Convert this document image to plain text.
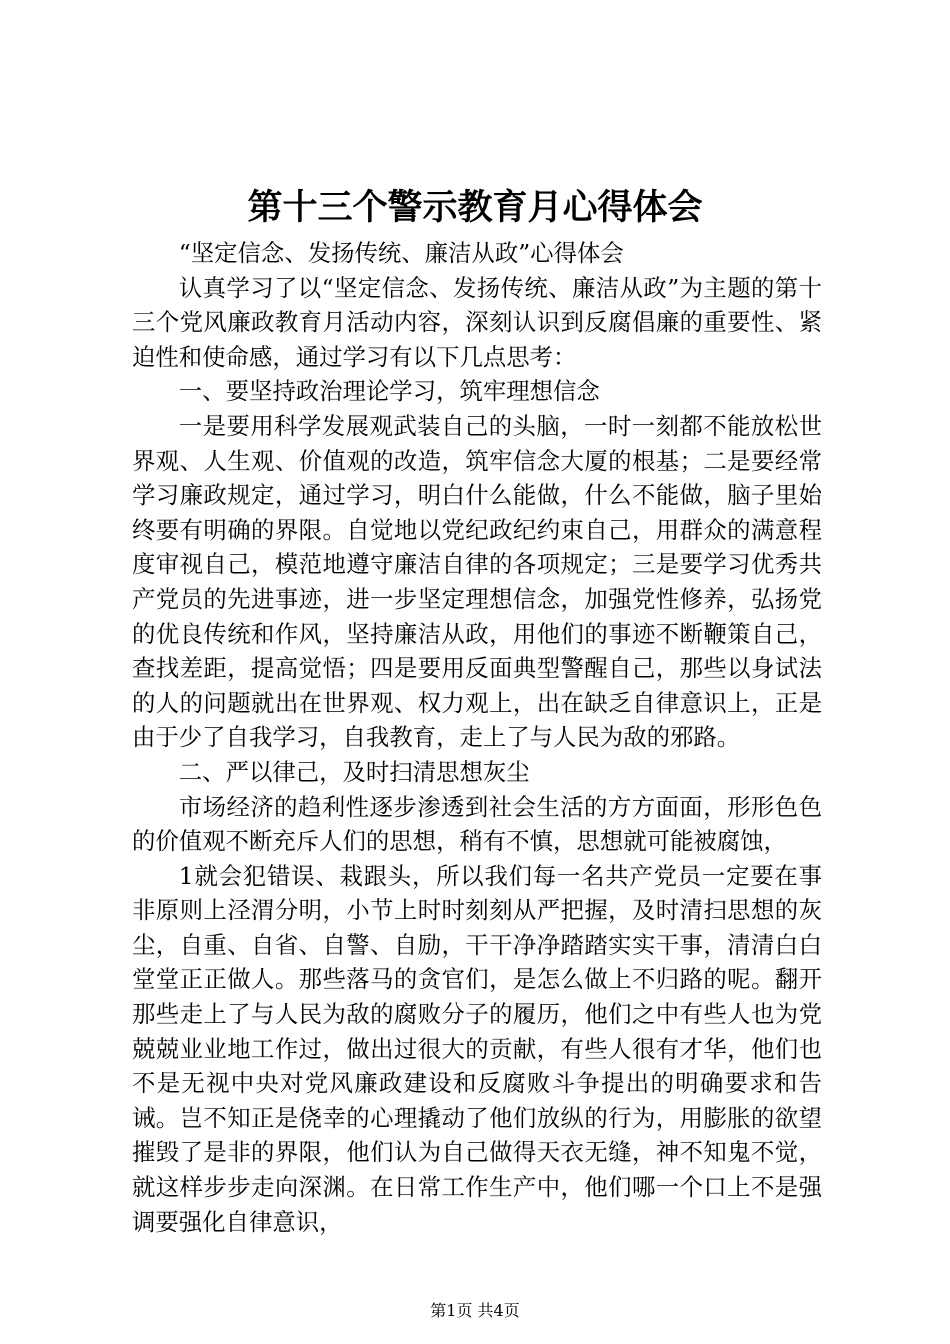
第十三个警示教育月心得体会

“坚定信念、发扬传统、廉洁从政”心得体会

认真学习了以“坚定信念、发扬传统、廉洁从政”为主题的第十三个党风廉政教育月活动内容，深刻认识到反腐倡廉的重要性、紧迫性和使命感，通过学习有以下几点思考：

一、要坚持政治理论学习，筑牢理想信念

一是要用科学发展观武装自己的头脑，一时一刻都不能放松世界观、人生观、价值观的改造，筑牢信念大厦的根基；二是要经常学习廉政规定，通过学习，明白什么能做，什么不能做，脑子里始终要有明确的界限。自觉地以党纪政纪约束自己，用群众的满意程度审视自己，模范地遵守廉洁自律的各项规定；三是要学习优秀共产党员的先进事迹，进一步坚定理想信念，加强党性修养，弘扬党的优良传统和作风，坚持廉洁从政，用他们的事迹不断鞭策自己，查找差距，提高觉悟；四是要用反面典型警醒自己，那些以身试法的人的问题就出在世界观、权力观上，出在缺乏自律意识上，正是由于少了自我学习，自我教育，走上了与人民为敌的邪路。

二、严以律己，及时扫清思想灰尘

市场经济的趋利性逐步渗透到社会生活的方方面面，形形色色的价值观不断充斥人们的思想，稍有不慎，思想就可能被腐蚀，

1就会犯错误、栽跟头，所以我们每一名共产党员一定要在事非原则上泾渭分明，小节上时时刻刻从严把握，及时清扫思想的灰尘，自重、自省、自警、自励，干干净净踏踏实实干事，清清白白堂堂正正做人。那些落马的贪官们，是怎么做上不归路的呢。翻开那些走上了与人民为敌的腐败分子的履历，他们之中有些人也为党兢兢业业地工作过，做出过很大的贡献，有些人很有才华，他们也不是无视中央对党风廉政建设和反腐败斗争提出的明确要求和告诫。岂不知正是侥幸的心理撬动了他们放纵的行为，用膨胀的欲望摧毁了是非的界限，他们认为自己做得天衣无缝，神不知鬼不觉，就这样步步走向深渊。在日常工作生产中，他们哪一个口上不是强调要强化自律意识，

第1页 共4页
